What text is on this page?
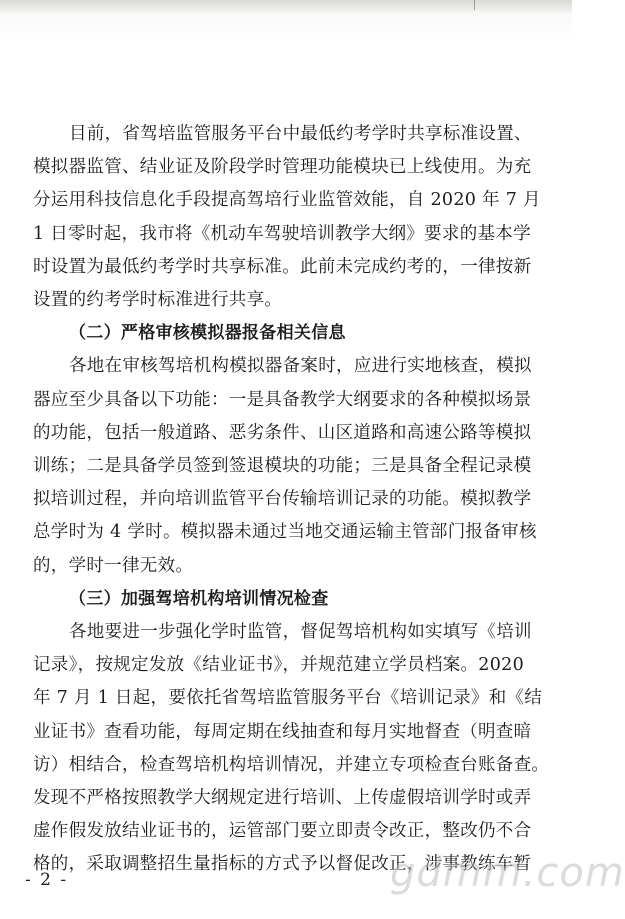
目前，省驾培监管服务平台中最低约考学时共享标准设置、
模拟器监管、结业证及阶段学时管理功能模块已上线使用。为充
分运用科技信息化手段提高驾培行业监管效能，自 2020 年 7 月
1 日零时起，我市将《机动车驾驶培训教学大纲》要求的基本学
时设置为最低约考学时共享标准。此前未完成约考的，一律按新
设置的约考学时标准进行共享。

（二）严格审核模拟器报备相关信息

各地在审核驾培机构模拟器备案时，应进行实地核查，模拟
器应至少具备以下功能：一是具备教学大纲要求的各种模拟场景
的功能，包括一般道路、恶劣条件、山区道路和高速公路等模拟
训练；二是具备学员签到签退模块的功能；三是具备全程记录模
拟培训过程，并向培训监管平台传输培训记录的功能。模拟教学
总学时为 4 学时。模拟器未通过当地交通运输主管部门报备审核
的，学时一律无效。

（三）加强驾培机构培训情况检查

各地要进一步强化学时监管，督促驾培机构如实填写《培训
记录》，按规定发放《结业证书》，并规范建立学员档案。2020
年 7 月 1 日起，要依托省驾培监管服务平台《培训记录》和《结
业证书》查看功能，每周定期在线抽查和每月实地督查（明查暗
访）相结合，检查驾培机构培训情况，并建立专项检查台账备查。
发现不严格按照教学大纲规定进行培训、上传虚假培训学时或弄
虚作假发放结业证书的，运管部门要立即责令改正，整改仍不合
格的，采取调整招生量指标的方式予以督促改正，涉事教练车暂

- 2 -	gdmm.com
